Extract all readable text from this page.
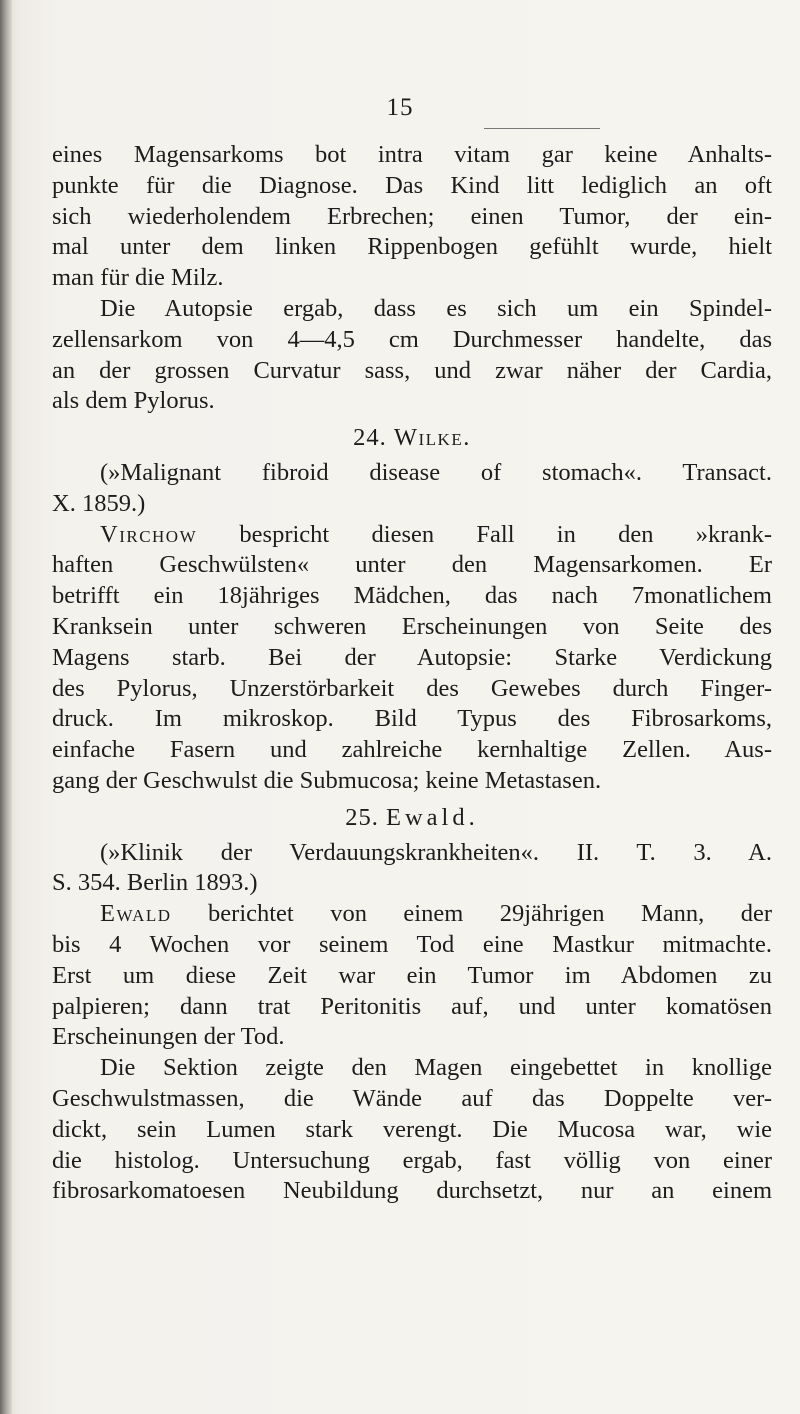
15
eines Magensarkoms bot intra vitam gar keine Anhalts-
punkte für die Diagnose. Das Kind litt lediglich an oft
sich wiederholendem Erbrechen; einen Tumor, der ein-
mal unter dem linken Rippenbogen gefühlt wurde, hielt
man für die Milz.
Die Autopsie ergab, dass es sich um ein Spindel-
zellensarkom von 4—4,5 cm Durchmesser handelte, das
an der grossen Curvatur sass, und zwar näher der Cardia,
als dem Pylorus.
24. Wilke.
(»Malignant fibroid disease of stomach«. Transact.
X. 1859.)
Virchow bespricht diesen Fall in den »krank-
haften Geschwülsten« unter den Magensarkomen. Er
betrifft ein 18jähriges Mädchen, das nach 7monatlichem
Kranksein unter schweren Erscheinungen von Seite des
Magens starb. Bei der Autopsie: Starke Verdickung
des Pylorus, Unzerstörbarkeit des Gewebes durch Finger-
druck. Im mikroskop. Bild Typus des Fibrosarkoms,
einfache Fasern und zahlreiche kernhaltige Zellen. Aus-
gang der Geschwulst die Submucosa; keine Metastasen.
25. Ewald.
(»Klinik der Verdauungskrankheiten«. II. T. 3. A.
S. 354. Berlin 1893.)
Ewald berichtet von einem 29jährigen Mann, der
bis 4 Wochen vor seinem Tod eine Mastkur mitmachte.
Erst um diese Zeit war ein Tumor im Abdomen zu
palpieren; dann trat Peritonitis auf, und unter komatösen
Erscheinungen der Tod.
Die Sektion zeigte den Magen eingebettet in knollige
Geschwulstmassen, die Wände auf das Doppelte ver-
dickt, sein Lumen stark verengt. Die Mucosa war, wie
die histolog. Untersuchung ergab, fast völlig von einer
fibrosarkomatoesen Neubildung durchsetzt, nur an einem
